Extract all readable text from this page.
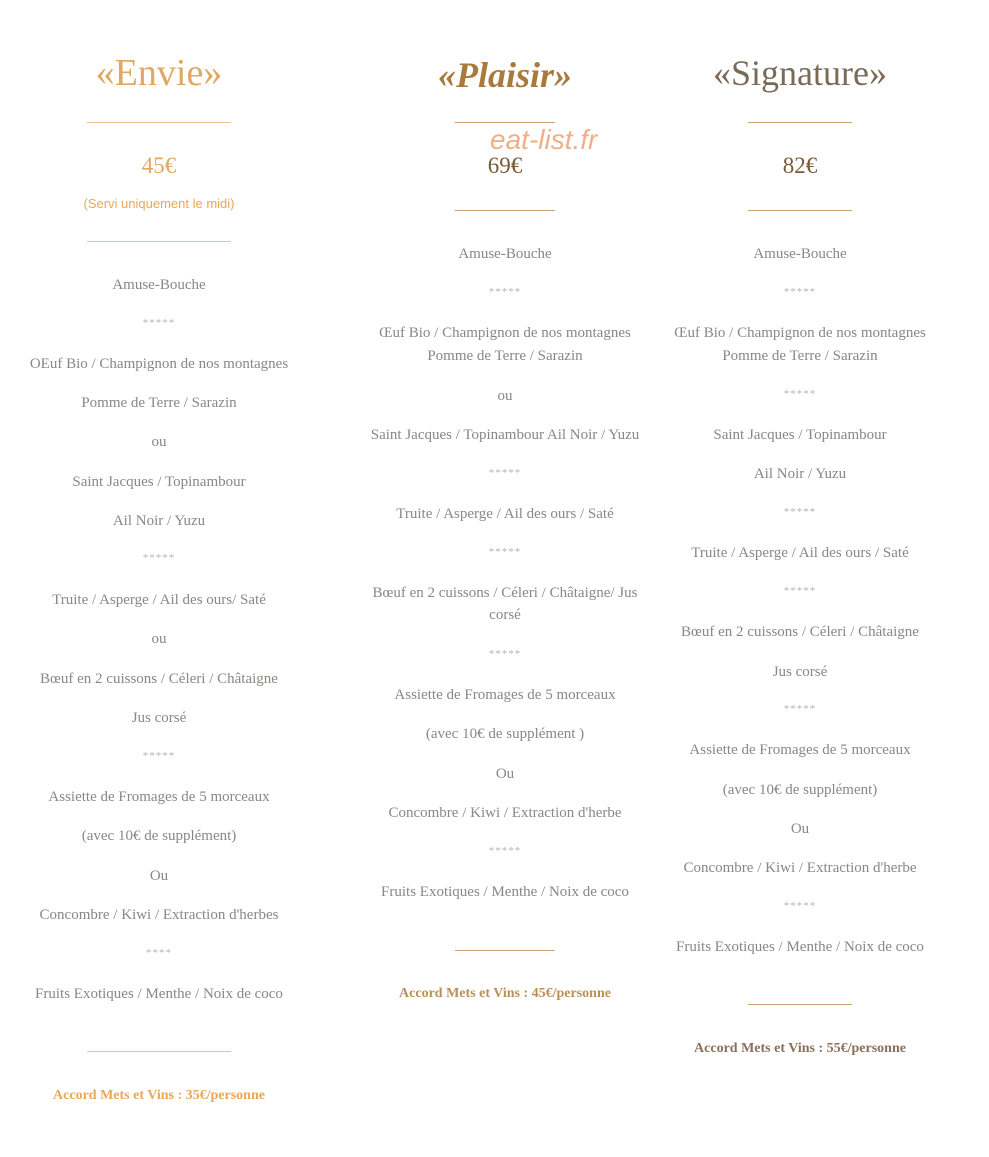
«Envie»
45€
(Servi uniquement le midi)
Amuse-Bouche
*****
OEuf Bio / Champignon de nos montagnes
Pomme de Terre / Sarazin
ou
Saint Jacques / Topinambour
Ail Noir / Yuzu
*****
Truite / Asperge / Ail des ours/ Saté
ou
Bœuf en 2 cuissons / Céleri / Châtaigne
Jus corsé
*****
Assiette de Fromages de 5 morceaux
(avec 10€ de supplément)
Ou
Concombre / Kiwi / Extraction d'herbes
****
Fruits Exotiques / Menthe / Noix de coco
Accord Mets et Vins : 35€/personne
«Plaisir»
69€
Amuse-Bouche
*****
Œuf Bio / Champignon de nos montagnes
Pomme de Terre / Sarazin
ou
Saint Jacques / Topinambour Ail Noir / Yuzu
*****
Truite / Asperge / Ail des ours / Saté
*****
Bœuf en 2 cuissons / Céleri / Châtaigne/ Jus corsé
*****
Assiette de Fromages de 5 morceaux
(avec 10€ de supplément )
Ou
Concombre / Kiwi / Extraction d'herbe
*****
Fruits Exotiques / Menthe / Noix de coco
Accord Mets et Vins : 45€/personne
«Signature»
82€
Amuse-Bouche
*****
Œuf Bio / Champignon de nos montagnes
Pomme de Terre / Sarazin
*****
Saint Jacques / Topinambour
Ail Noir / Yuzu
*****
Truite / Asperge / Ail des ours / Saté
*****
Bœuf en 2 cuissons / Céleri / Châtaigne
Jus corsé
*****
Assiette de Fromages de 5 morceaux
(avec 10€ de supplément)
Ou
Concombre / Kiwi / Extraction d'herbe
*****
Fruits Exotiques / Menthe / Noix de coco
Accord Mets et Vins : 55€/personne
eat-list.fr
